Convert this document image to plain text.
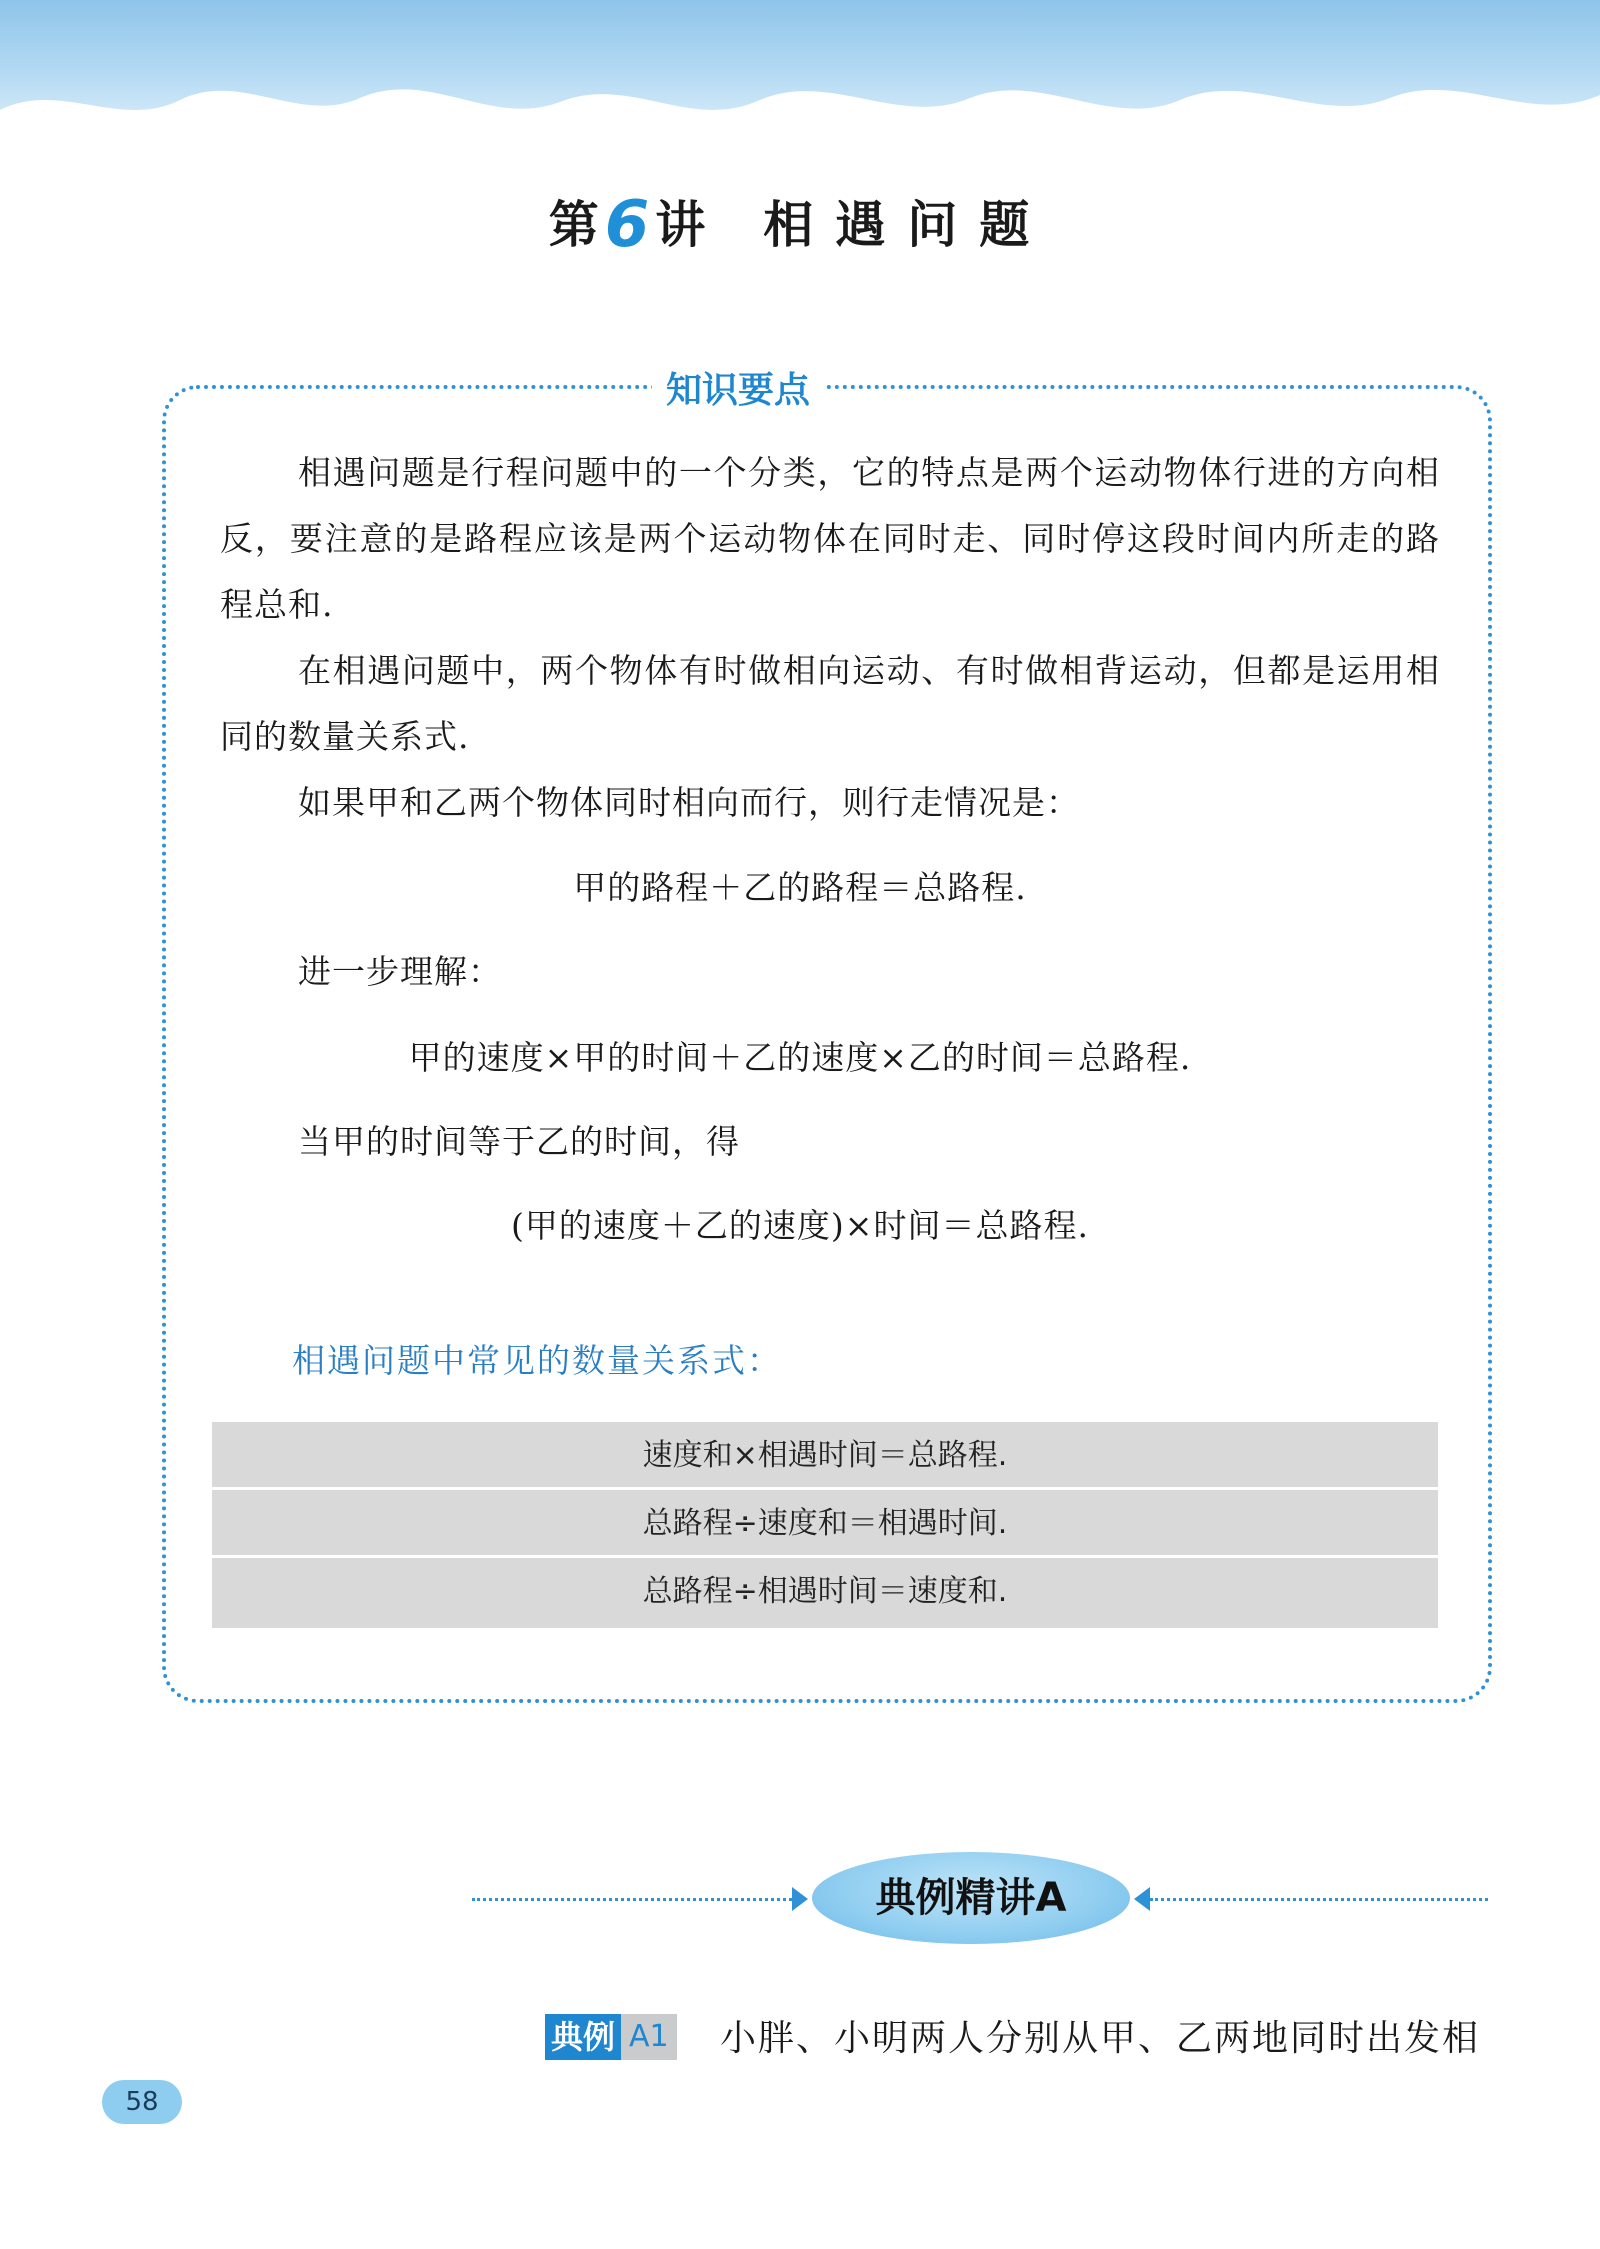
第6讲 相遇问题
知识要点
相遇问题是行程问题中的一个分类，它的特点是两个运动物体行进的方向相反，要注意的是路程应该是两个运动物体在同时走、同时停这段时间内所走的路程总和.
在相遇问题中，两个物体有时做相向运动、有时做相背运动，但都是运用相同的数量关系式.
如果甲和乙两个物体同时相向而行，则行走情况是：
甲的路程＋乙的路程＝总路程.
进一步理解：
甲的速度×甲的时间＋乙的速度×乙的时间＝总路程.
当甲的时间等于乙的时间，得
(甲的速度＋乙的速度)×时间＝总路程.
相遇问题中常见的数量关系式：
速度和×相遇时间＝总路程.
总路程÷速度和＝相遇时间.
总路程÷相遇时间＝速度和.
典例精讲A
典例 A1 小胖、小明两人分别从甲、乙两地同时出发相
58
